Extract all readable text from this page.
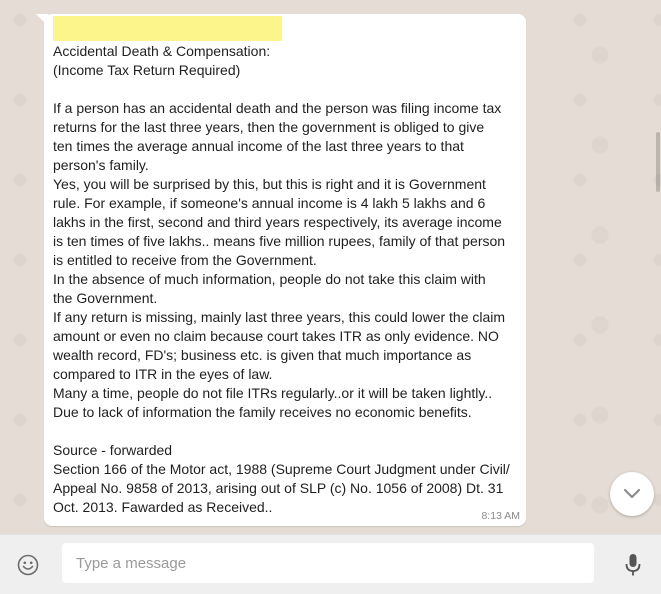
Accidental Death & Compensation:
(Income Tax Return Required)

If a person has an accidental death and the person was filing income tax
returns for the last three years, then the government is obliged to give
ten times the average annual income of the last three years to that
person's family.
Yes, you will be surprised by this, but this is right and it is Government
rule. For example, if someone's annual income is 4 lakh 5 lakhs and 6
lakhs in the first, second and third years respectively, its average income
is ten times of five lakhs.. means five million rupees, family of that person
is entitled to receive from the Government.
In the absence of much information, people do not take this claim with
the Government.
If any return is missing, mainly last three years, this could lower the claim
amount or even no claim because court takes ITR as only evidence. NO
wealth record, FD's; business etc. is given that much importance as
compared to ITR in the eyes of law.
Many a time, people do not file ITRs regularly..or it will be taken lightly..
Due to lack of information the family receives no economic benefits.

Source - forwarded
Section 166 of the Motor act, 1988 (Supreme Court Judgment under Civil/
Appeal No. 9858 of 2013, arising out of SLP (c) No. 1056 of 2008) Dt. 31
Oct. 2013. Fawarded as Received..

8:13 AM
Type a message
